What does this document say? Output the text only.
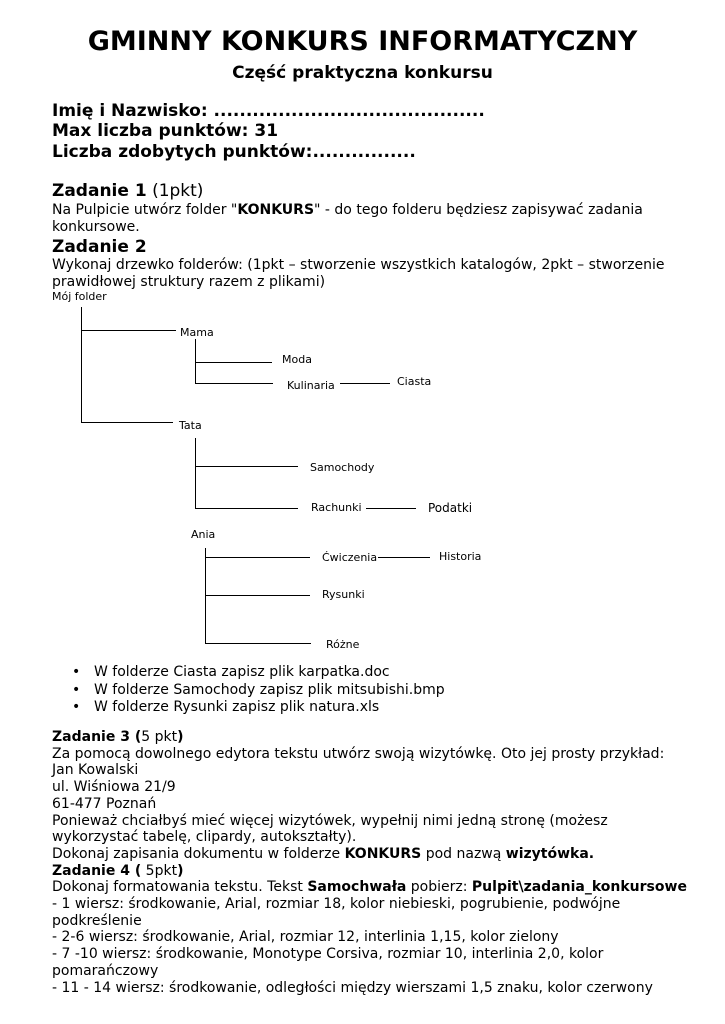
GMINNY KONKURS INFORMATYCZNY
Część praktyczna konkursu
Imię i Nazwisko: ..........................................
Max liczba punktów: 31
Liczba zdobytych punktów:................
Zadanie 1 (1pkt)
Na Pulpicie utwórz folder "KONKURS" - do tego folderu będziesz zapisywać zadania konkursowe.
Zadanie 2
Wykonaj drzewko folderów: (1pkt – stworzenie wszystkich katalogów, 2pkt – stworzenie prawidłowej struktury razem z plikami)
Mój folder
Mama
Moda
Kulinaria	Ciasta
Tata
Samochody
Rachunki	Podatki
Ania
Ćwiczenia	Historia
Rysunki
Różne
• W folderze Ciasta zapisz plik karpatka.doc
• W folderze Samochody zapisz plik mitsubishi.bmp
• W folderze Rysunki zapisz plik natura.xls
Zadanie 3 (5 pkt)
Za pomocą dowolnego edytora tekstu utwórz swoją wizytówkę. Oto jej prosty przykład:
Jan Kowalski
ul. Wiśniowa 21/9
61-477 Poznań
Ponieważ chciałbyś mieć więcej wizytówek, wypełnij nimi jedną stronę (możesz wykorzystać tabelę, clipardy, autokształty).
Dokonaj zapisania dokumentu w folderze KONKURS pod nazwą wizytówka.
Zadanie 4 ( 5pkt)
Dokonaj formatowania tekstu. Tekst Samochwała pobierz: Pulpit\zadania_konkursowe
- 1 wiersz: środkowanie, Arial, rozmiar 18, kolor niebieski, pogrubienie, podwójne podkreślenie
- 2-6 wiersz: środkowanie, Arial, rozmiar 12, interlinia 1,15, kolor zielony
- 7 -10 wiersz: środkowanie, Monotype Corsiva, rozmiar 10, interlinia 2,0, kolor pomarańczowy
- 11 - 14 wiersz: środkowanie, odległości między wierszami 1,5 znaku, kolor czerwony
